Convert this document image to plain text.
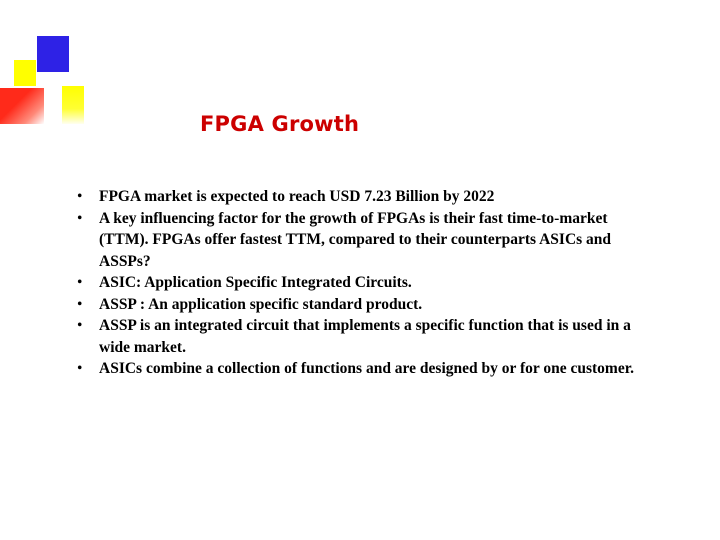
FPGA Growth
• FPGA market is expected to reach USD 7.23 Billion by 2022
• A key influencing factor for the growth of FPGAs is their fast time-to-market (TTM). FPGAs offer fastest TTM, compared to their counterparts ASICs and ASSPs?
• ASIC: Application Specific Integrated Circuits.
• ASSP : An application specific standard product.
• ASSP is an integrated circuit that implements a specific function that is used in a wide market.
• ASICs combine a collection of functions and are designed by or for one customer.
